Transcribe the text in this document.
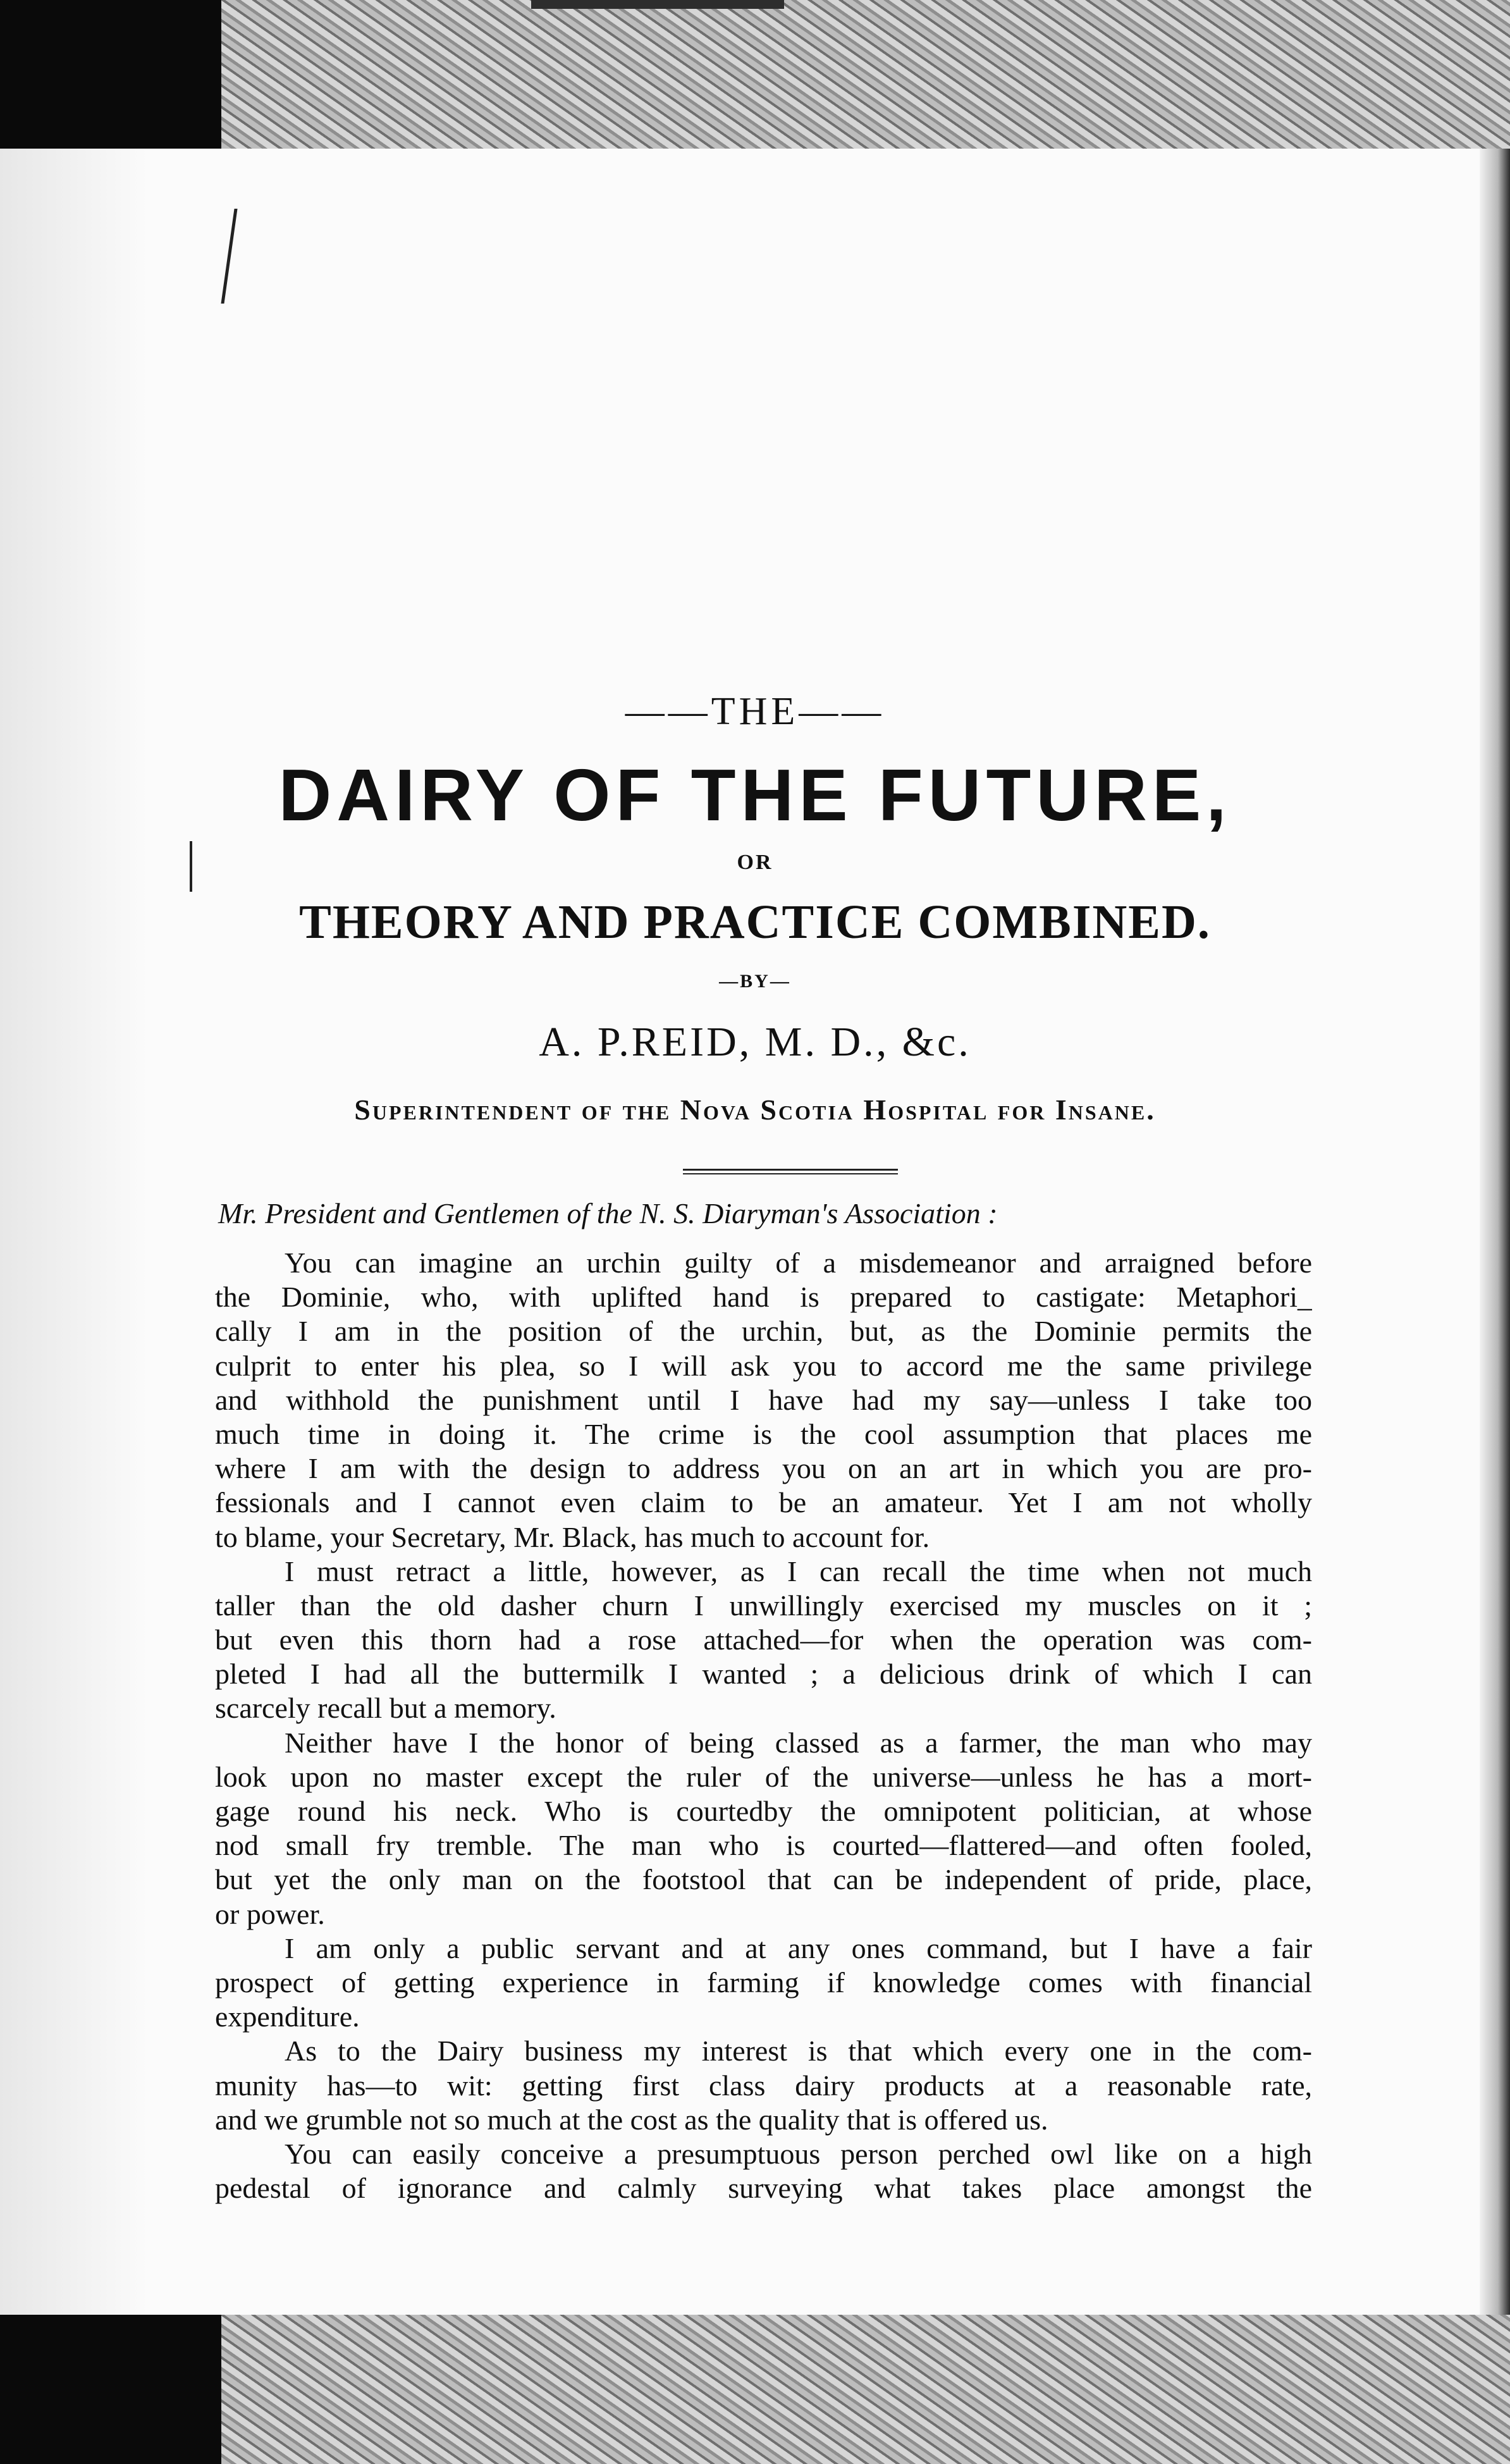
——THE——
DAIRY OF THE FUTURE,
OR
THEORY AND PRACTICE COMBINED.
—BY—
A. P.REID, M. D., &c.
Superintendent of the Nova Scotia Hospital for Insane.
Mr. President and Gentlemen of the N. S. Diaryman's Association :
You can imagine an urchin guilty of a misdemeanor and arraigned before
the Dominie, who, with uplifted hand is prepared to castigate: Metaphori_
cally I am in the position of the urchin, but, as the Dominie permits the
culprit to enter his plea, so I will ask you to accord me the same privilege
and withhold the punishment until I have had my say—unless I take too
much time in doing it. The crime is the cool assumption that places me
where I am with the design to address you on an art in which you are pro-
fessionals and I cannot even claim to be an amateur. Yet I am not wholly
to blame, your Secretary, Mr. Black, has much to account for.
I must retract a little, however, as I can recall the time when not much
taller than the old dasher churn I unwillingly exercised my muscles on it ;
but even this thorn had a rose attached—for when the operation was com-
pleted I had all the buttermilk I wanted ; a delicious drink of which I can
scarcely recall but a memory.
Neither have I the honor of being classed as a farmer, the man who may
look upon no master except the ruler of the universe—unless he has a mort-
gage round his neck. Who is courtedby the omnipotent politician, at whose
nod small fry tremble. The man who is courted—flattered—and often fooled,
but yet the only man on the footstool that can be independent of pride, place,
or power.
I am only a public servant and at any ones command, but I have a fair
prospect of getting experience in farming if knowledge comes with financial
expenditure.
As to the Dairy business my interest is that which every one in the com-
munity has—to wit: getting first class dairy products at a reasonable rate,
and we grumble not so much at the cost as the quality that is offered us.
You can easily conceive a presumptuous person perched owl like on a high
pedestal of ignorance and calmly surveying what takes place amongst the
